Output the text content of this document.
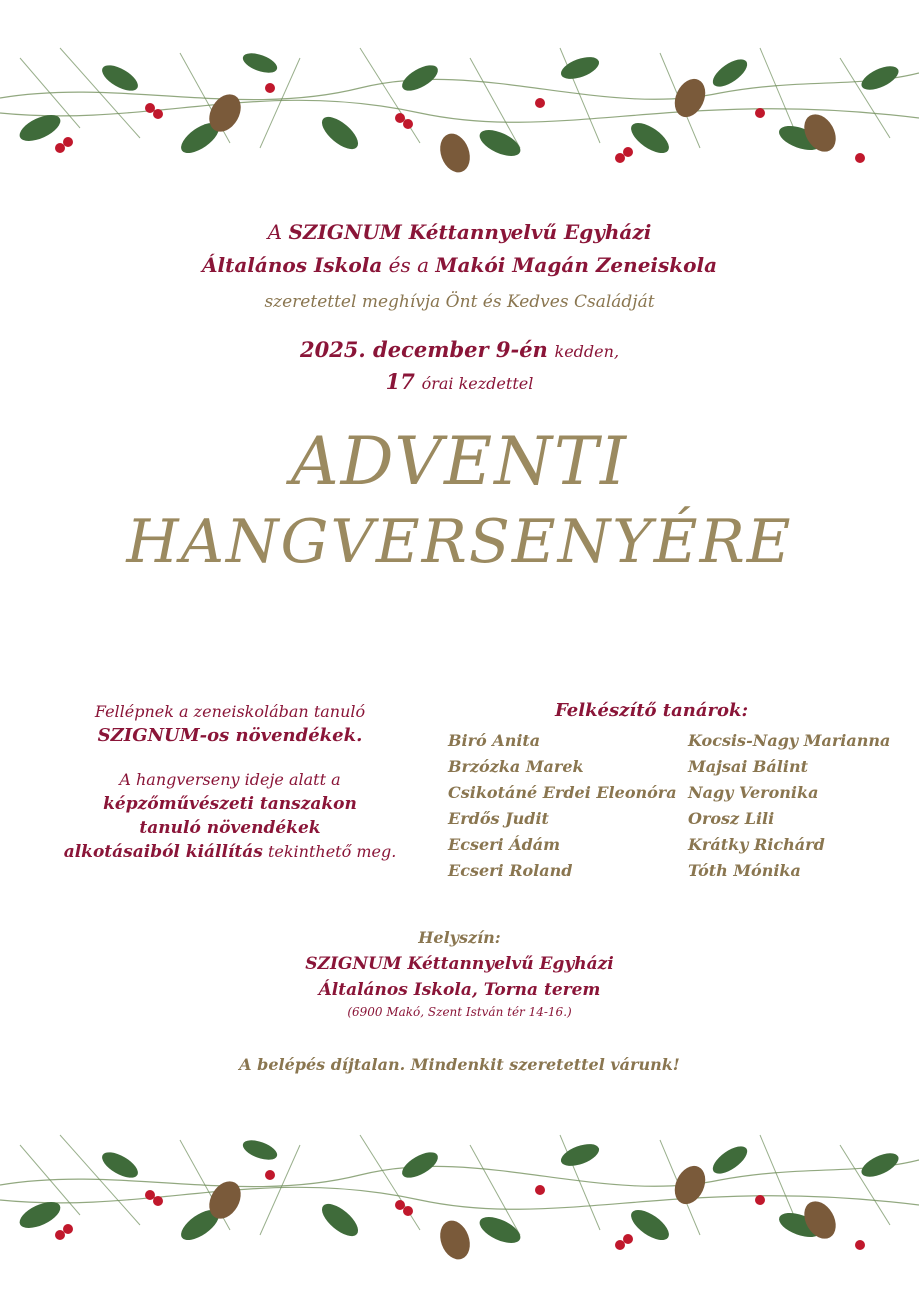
A SZIGNUM Kéttannyelvű Egyházi
Általános Iskola és a Makói Magán Zeneiskola
szeretettel meghívja Önt és Kedves Családját
2025. december 9-én kedden,
17 órai kezdettel
ADVENTI
HANGVERSENYÉRE
Fellépnek a zeneiskolában tanuló
SZIGNUM-os növendékek.
A hangverseny ideje alatt a
képzőművészeti tanszakon
tanuló növendékek
alkotásaiból kiállítás tekinthető meg.
Felkészítő tanárok:
Biró Anita
Brzózka Marek
Csikotáné Erdei Eleonóra
Erdős Judit
Ecseri Ádám
Ecseri Roland
Kocsis-Nagy Marianna
Majsai Bálint
Nagy Veronika
Orosz Lili
Krátky Richárd
Tóth Mónika
Helyszín:
SZIGNUM Kéttannyelvű Egyházi
Általános Iskola, Torna terem
(6900 Makó, Szent István tér 14-16.)
A belépés díjtalan. Mindenkit szeretettel várunk!
